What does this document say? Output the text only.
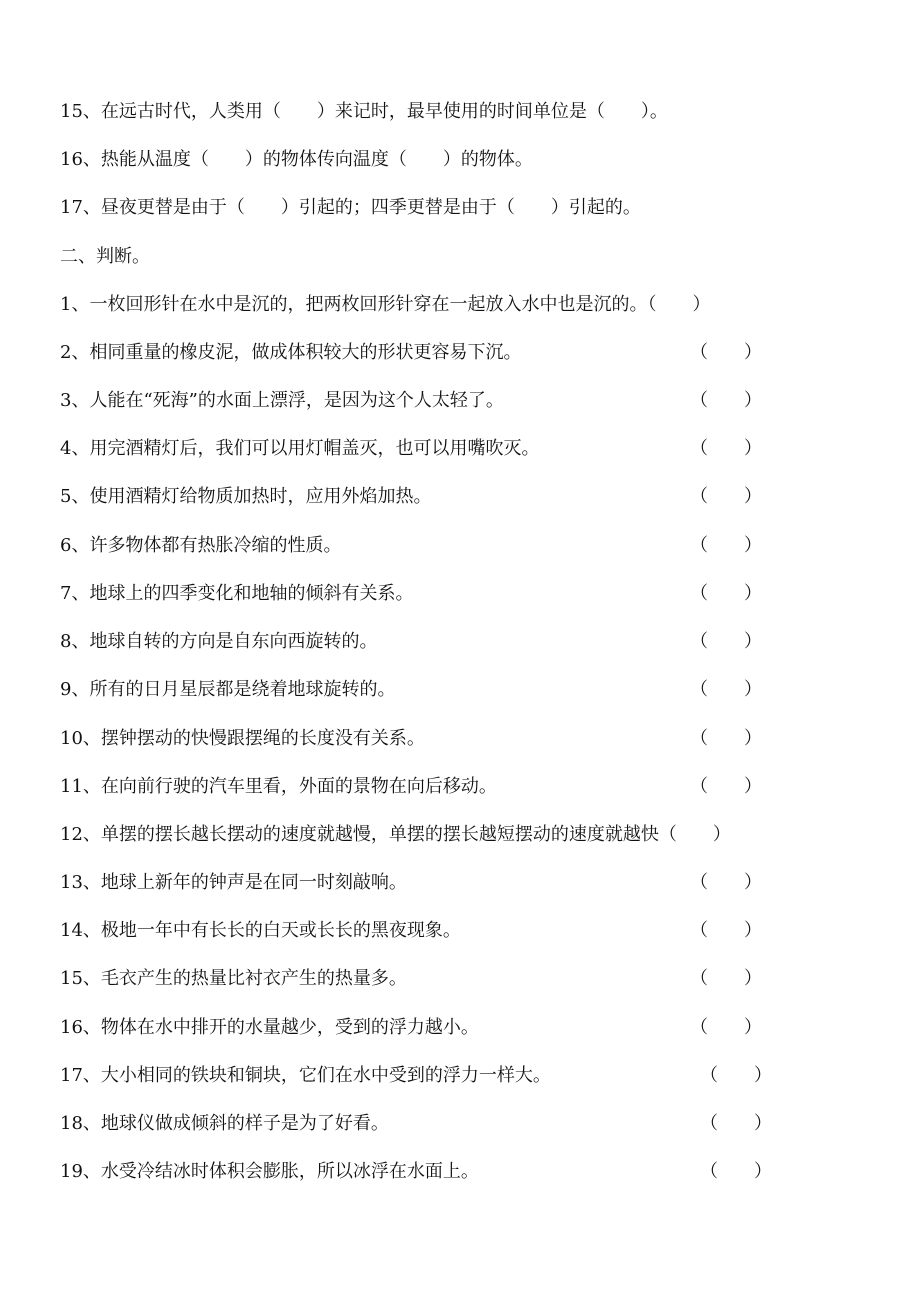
15、在远古时代，人类用（　　）来记时，最早使用的时间单位是（　　）。
16、热能从温度（　　）的物体传向温度（　　）的物体。
17、昼夜更替是由于（　　）引起的；四季更替是由于（　　）引起的。
二、判断。
1、一枚回形针在水中是沉的，把两枚回形针穿在一起放入水中也是沉的。（　　）
2、相同重量的橡皮泥，做成体积较大的形状更容易下沉。	（　　）
3、人能在“死海”的水面上漂浮，是因为这个人太轻了。	（　　）
4、用完酒精灯后，我们可以用灯帽盖灭，也可以用嘴吹灭。	（　　）
5、使用酒精灯给物质加热时，应用外焰加热。	（　　）
6、许多物体都有热胀冷缩的性质。	（　　）
7、地球上的四季变化和地轴的倾斜有关系。	（　　）
8、地球自转的方向是自东向西旋转的。	（　　）
9、所有的日月星辰都是绕着地球旋转的。	（　　）
10、摆钟摆动的快慢跟摆绳的长度没有关系。	（　　）
11、在向前行驶的汽车里看，外面的景物在向后移动。	（　　）
12、单摆的摆长越长摆动的速度就越慢，单摆的摆长越短摆动的速度就越快（　　）
13、地球上新年的钟声是在同一时刻敲响。	（　　）
14、极地一年中有长长的白天或长长的黑夜现象。	（　　）
15、毛衣产生的热量比衬衣产生的热量多。	（　　）
16、物体在水中排开的水量越少，受到的浮力越小。	（　　）
17、大小相同的铁块和铜块，它们在水中受到的浮力一样大。	（　　）
18、地球仪做成倾斜的样子是为了好看。	（　　）
19、水受冷结冰时体积会膨胀，所以冰浮在水面上。	（　　）
